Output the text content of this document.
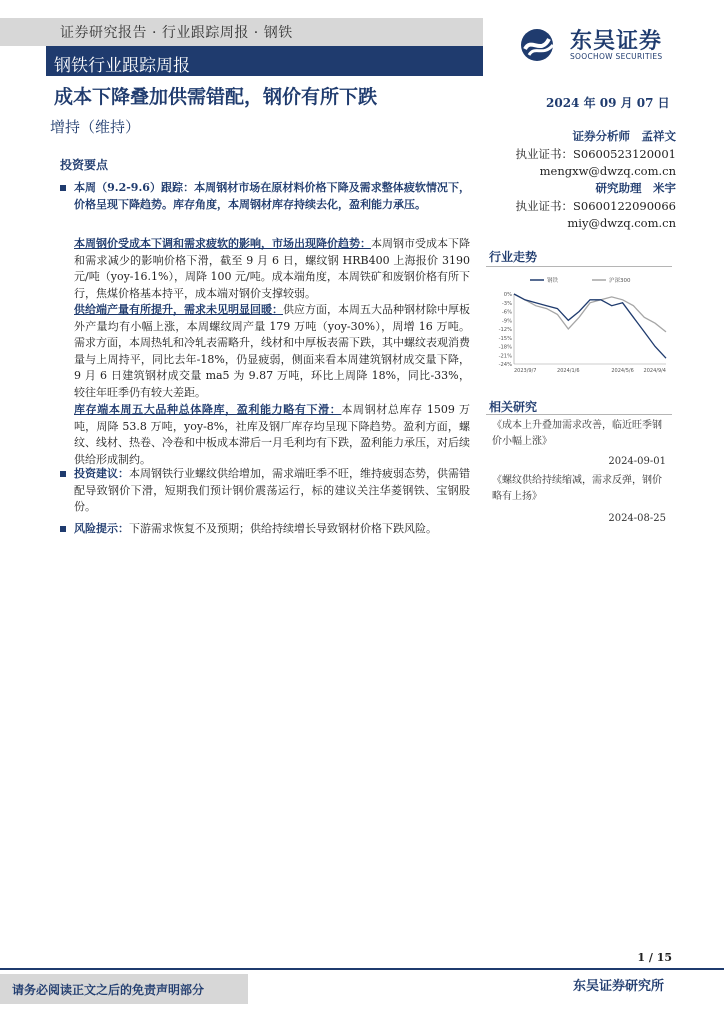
证券研究报告 · 行业跟踪周报 · 钢铁
钢铁行业跟踪周报
东吴证券
SOOCHOW SECURITIES
成本下降叠加供需错配，钢价有所下跌	2024 年 09 月 07 日
增持（维持）	证券分析师　孟祥文
执业证书：S0600523120001
mengxw@dwzq.com.cn
研究助理　米宇
执业证书：S0600122090066
miy@dwzq.com.cn
投资要点
本周（9.2-9.6）跟踪：本周钢材市场在原材料价格下降及需求整体疲软情况下，价格呈现下降趋势。库存角度，本周钢材库存持续去化，盈利能力承压。
本周钢价受成本下调和需求疲软的影响，市场出现降价趋势：本周钢市受成本下降和需求减少的影响价格下滑，截至 9 月 6 日，螺纹钢 HRB400 上海报价 3190 元/吨（yoy-16.1%），周降 100 元/吨。成本端角度，本周铁矿和废钢价格有所下行，焦煤价格基本持平，成本端对钢价支撑较弱。
供给端产量有所提升，需求未见明显回暖：供应方面，本周五大品种钢材除中厚板外产量均有小幅上涨，本周螺纹周产量 179 万吨（yoy-30%），周增 16 万吨。需求方面，本周热轧和冷轧表需略升，线材和中厚板表需下跌，其中螺纹表观消费量与上周持平，同比去年-18%，仍显疲弱，侧面来看本周建筑钢材成交量下降，9 月 6 日建筑钢材成交量 ma5 为 9.87 万吨，环比上周降 18%，同比-33%，较往年旺季仍有较大差距。
库存端本周五大品种总体降库，盈利能力略有下滑：本周钢材总库存 1509 万吨，周降 53.8 万吨，yoy-8%，社库及钢厂库存均呈现下降趋势。盈利方面，螺纹、线材、热卷、冷卷和中板成本滞后一月毛利均有下跌，盈利能力承压，对后续供给形成制约。
投资建议：本周钢铁行业螺纹供给增加，需求端旺季不旺，维持疲弱态势，供需错配导致钢价下滑，短期我们预计钢价震荡运行，标的建议关注华菱钢铁、宝钢股份。
风险提示：下游需求恢复不及预期；供给持续增长导致钢材价格下跌风险。
行业走势
0%
-3%
-6%
-9%
-12%
-15%
-18%
-21%
-24%
2023/9/7	2024/1/6	2024/5/6 2024/9/4
钢铁	沪深300
相关研究
《成本上升叠加需求改善，临近旺季钢价小幅上涨》
2024-09-01
《螺纹供给持续缩减，需求反弹，钢价略有上扬》
2024-08-25
1 / 15
请务必阅读正文之后的免责声明部分	东吴证券研究所
